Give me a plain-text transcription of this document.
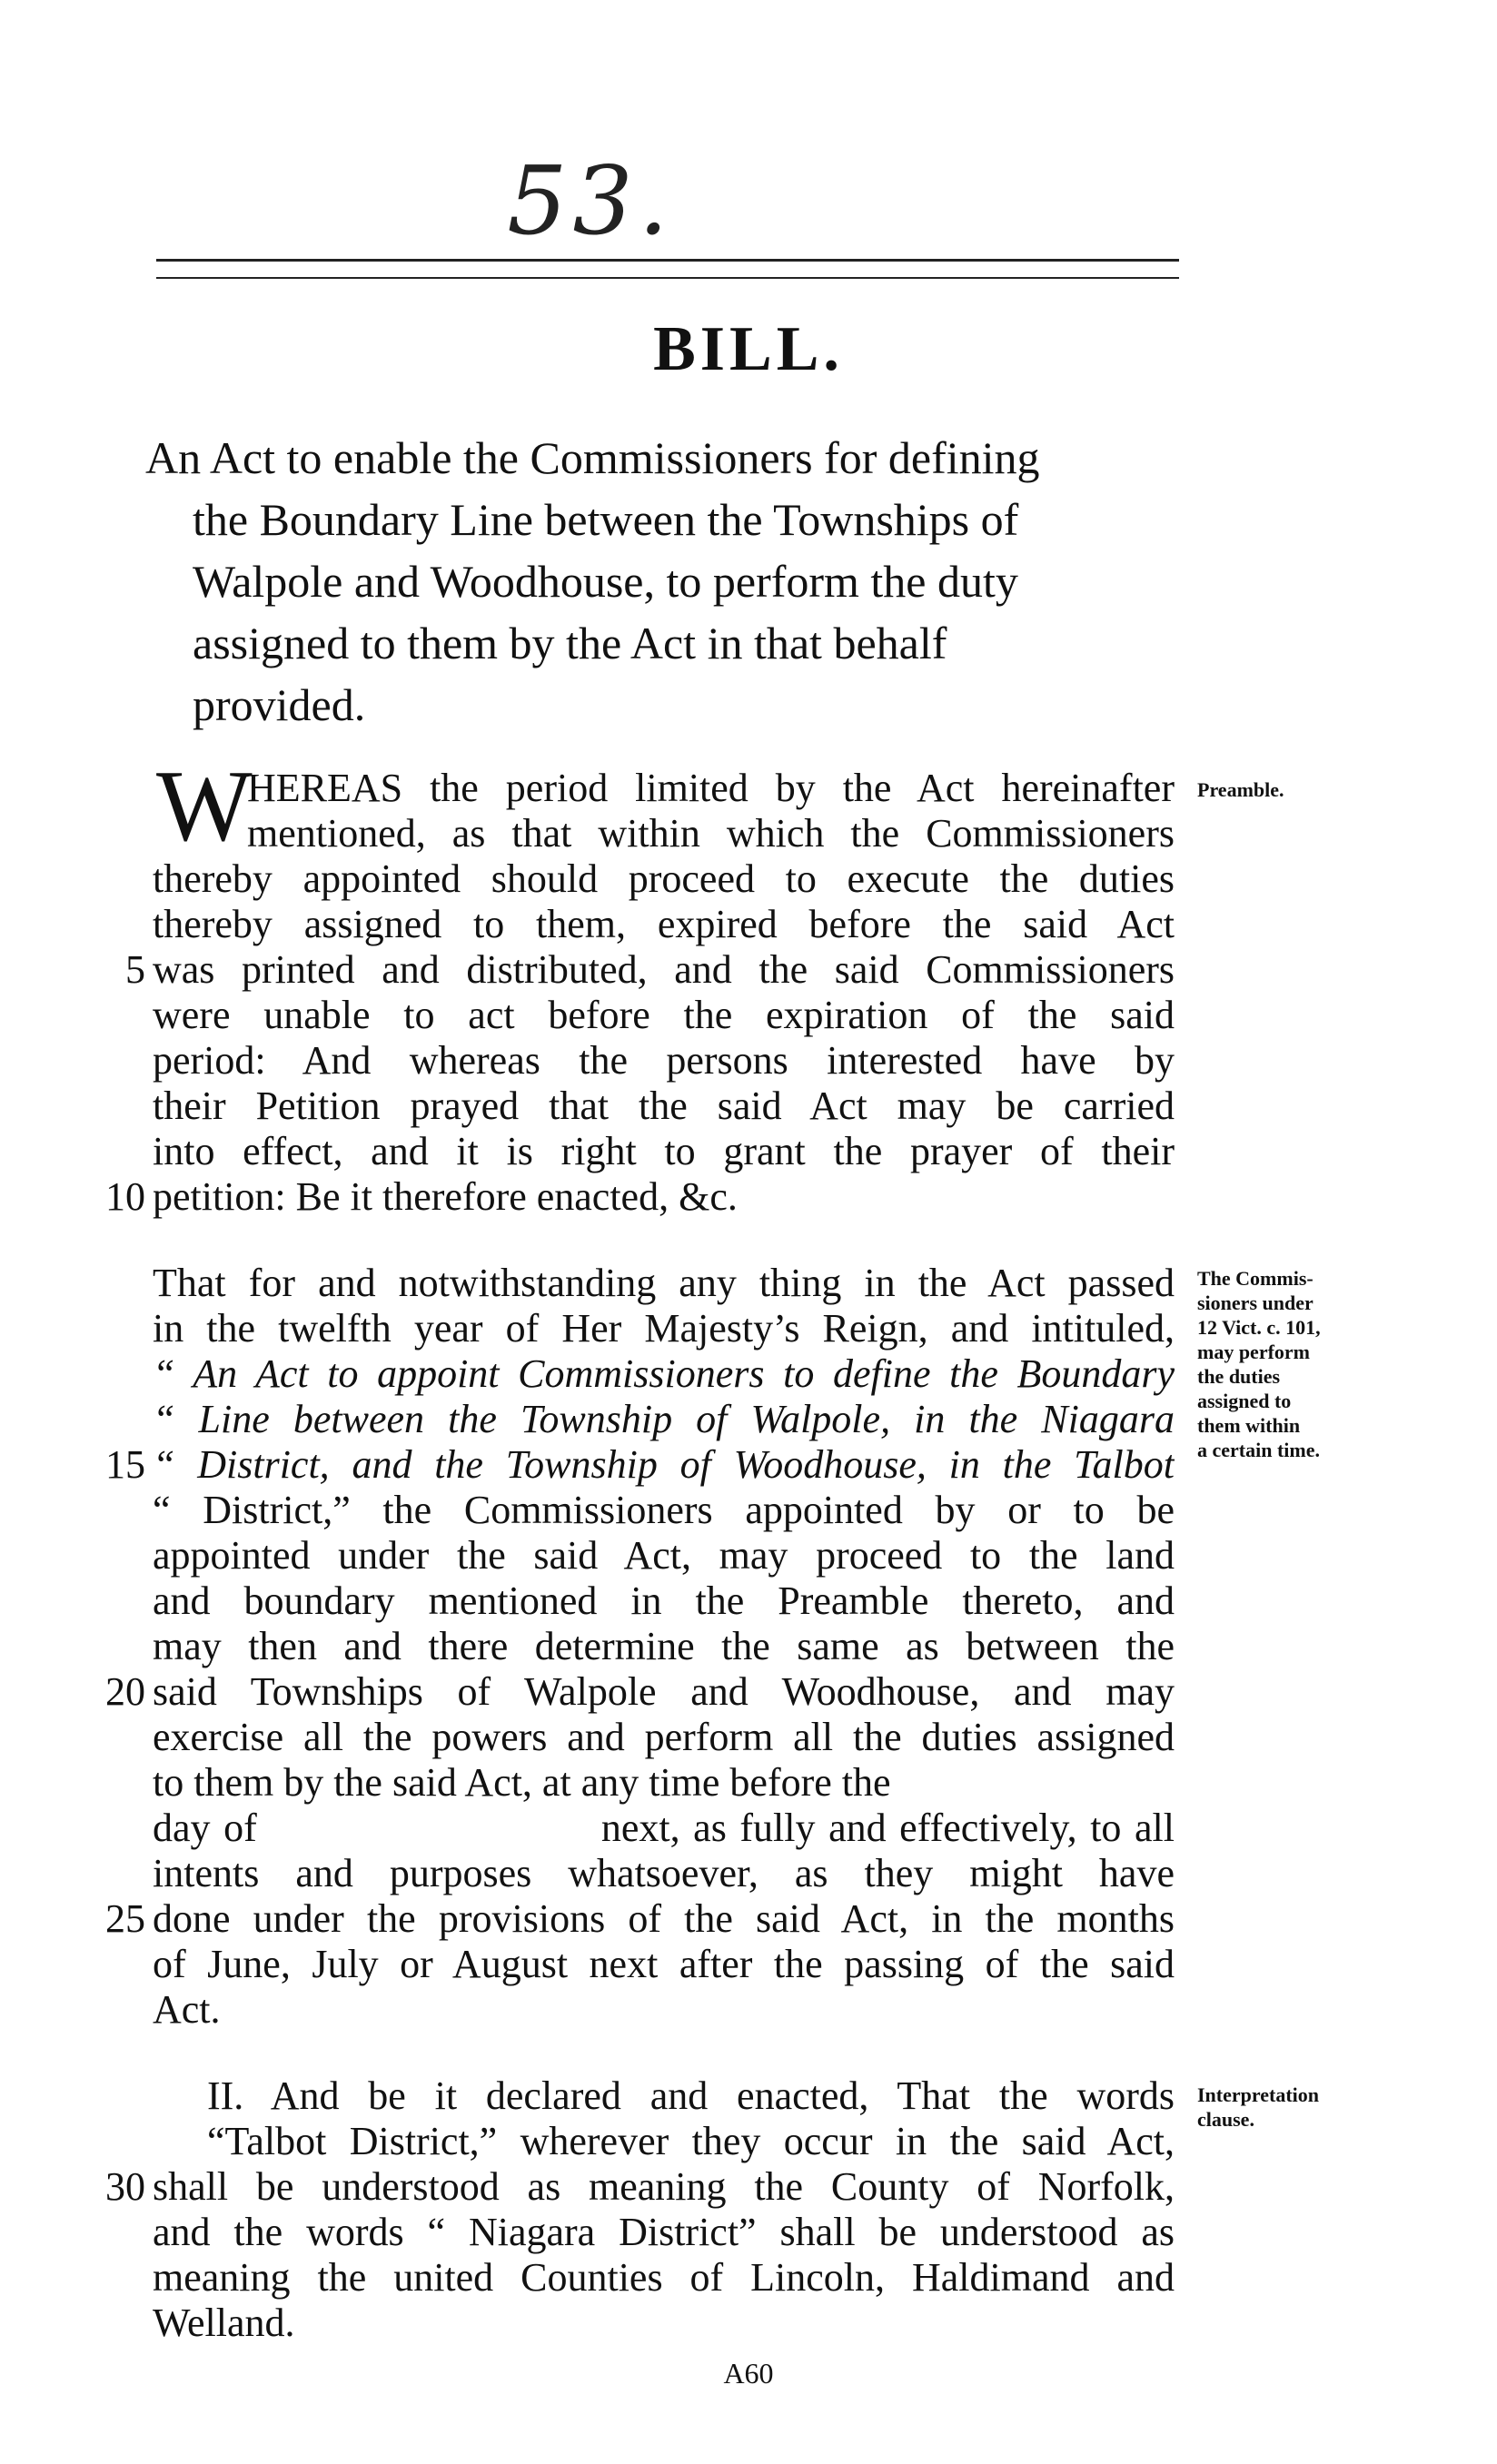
53.
BILL.
An Act to enable the Commissioners for defining
the Boundary Line between the Townships of
Walpole and Woodhouse, to perform the duty
assigned to them by the Act in that behalf
provided.
W
HEREAS the period limited by the Act hereinafter
mentioned, as that within which the Commissioners
thereby appointed should proceed to execute the duties
thereby assigned to them, expired before the said Act
was printed and distributed, and the said Commissioners
were unable to act before the expiration of the said
period: And whereas the persons interested have by
their Petition prayed that the said Act may be carried
into effect, and it is right to grant the prayer of their
petition: Be it therefore enacted, &c.
Preamble.
That for and notwithstanding any thing in the Act passed
in the twelfth year of Her Majesty’s Reign, and intituled,
“ An Act to appoint Commissioners to define the Boundary
“ Line between the Township of Walpole, in the Niagara
“ District, and the Township of Woodhouse, in the Talbot
“ District,” the Commissioners appointed by or to be
appointed under the said Act, may proceed to the land
and boundary mentioned in the Preamble thereto, and
may then and there determine the same as between the
said Townships of Walpole and Woodhouse, and may
exercise all the powers and perform all the duties assigned
to them by the said Act, at any time before the
day of                          next, as fully and effectively, to all
intents and purposes whatsoever, as they might have
done under the provisions of the said Act, in the months
of June, July or August next after the passing of the said
Act.
The Commis-
sioners under
12 Vict. c. 101,
may perform
the duties
assigned to
them within
a certain time.
II. And be it declared and enacted, That the words
“Talbot District,” wherever they occur in the said Act,
shall be understood as meaning the County of Norfolk,
and the words “ Niagara District” shall be understood as
meaning the united Counties of Lincoln, Haldimand and
Welland.
Interpretation
clause.
5
10
15
20
25
30
A60
